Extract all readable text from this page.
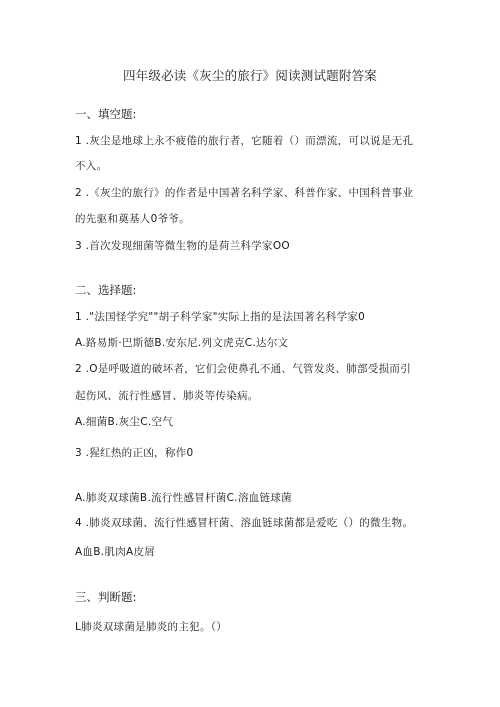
四年级必读《灰尘的旅行》阅读测试题附答案
一、填空题:
1 .灰尘是地球上永不疲倦的旅行者，它随着（）而漂流，可以说是无孔
不入。
2 .《灰尘的旅行》的作者是中国著名科学家、科普作家、中国科普事业
的先驱和奠基人0爷爷。
3 .首次发现细菌等微生物的是荷兰科学家OO
二、选择题:
1 ."法国怪学究""胡子科学家"实际上指的是法国著名科学家0
A.路易斯·巴斯德B.安东尼.列文虎克C.达尔文
2 .O是呼吸道的破坏者，它们会使鼻孔不通、气管发炎、肺部受损而引
起伤风、流行性感冒、肺炎等传染病。
A.细菌B.灰尘C.空气
3 .猩红热的正凶，称作0
A.肺炎双球菌B.流行性感冒杆菌C.溶血链球菌
4 .肺炎双球菌、流行性感冒杆菌、溶血链球菌都是爱吃（）的微生物。
A血B.肌肉A皮屑
三、判断题:
L肺炎双球菌是肺炎的主犯。（）
